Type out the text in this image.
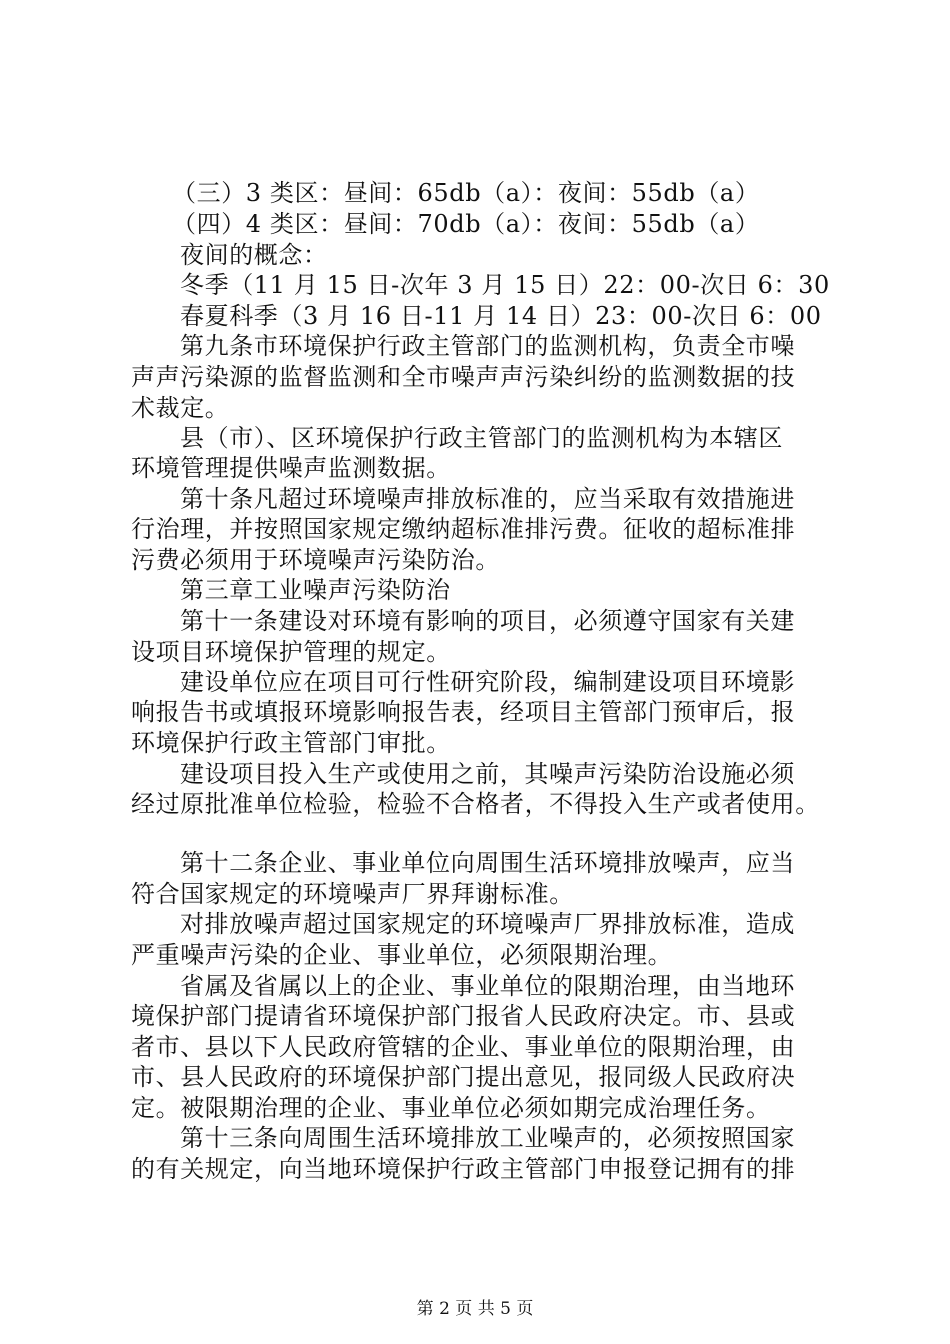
（三）3 类区：昼间：65db（a）：夜间：55db（a）
（四）4 类区：昼间：70db（a）：夜间：55db（a）
夜间的概念：
冬季（11 月 15 日-次年 3 月 15 日）22：00-次日 6：30
春夏科季（3 月 16 日-11 月 14 日）23：00-次日 6：00
第九条市环境保护行政主管部门的监测机构，负责全市噪
声声污染源的监督监测和全市噪声声污染纠纷的监测数据的技
术裁定。
县（市）、区环境保护行政主管部门的监测机构为本辖区
环境管理提供噪声监测数据。
第十条凡超过环境噪声排放标准的，应当采取有效措施进
行治理，并按照国家规定缴纳超标准排污费。征收的超标准排
污费必须用于环境噪声污染防治。
第三章工业噪声污染防治
第十一条建设对环境有影响的项目，必须遵守国家有关建
设项目环境保护管理的规定。
建设单位应在项目可行性研究阶段，编制建设项目环境影
响报告书或填报环境影响报告表，经项目主管部门预审后，报
环境保护行政主管部门审批。
建设项目投入生产或使用之前，其噪声污染防治设施必须
经过原批准单位检验，检验不合格者，不得投入生产或者使用。
第十二条企业、事业单位向周围生活环境排放噪声，应当
符合国家规定的环境噪声厂界拜谢标准。
对排放噪声超过国家规定的环境噪声厂界排放标准，造成
严重噪声污染的企业、事业单位，必须限期治理。
省属及省属以上的企业、事业单位的限期治理，由当地环
境保护部门提请省环境保护部门报省人民政府决定。市、县或
者市、县以下人民政府管辖的企业、事业单位的限期治理，由
市、县人民政府的环境保护部门提出意见，报同级人民政府决
定。被限期治理的企业、事业单位必须如期完成治理任务。
第十三条向周围生活环境排放工业噪声的，必须按照国家
的有关规定，向当地环境保护行政主管部门申报登记拥有的排
第 2 页 共 5 页
